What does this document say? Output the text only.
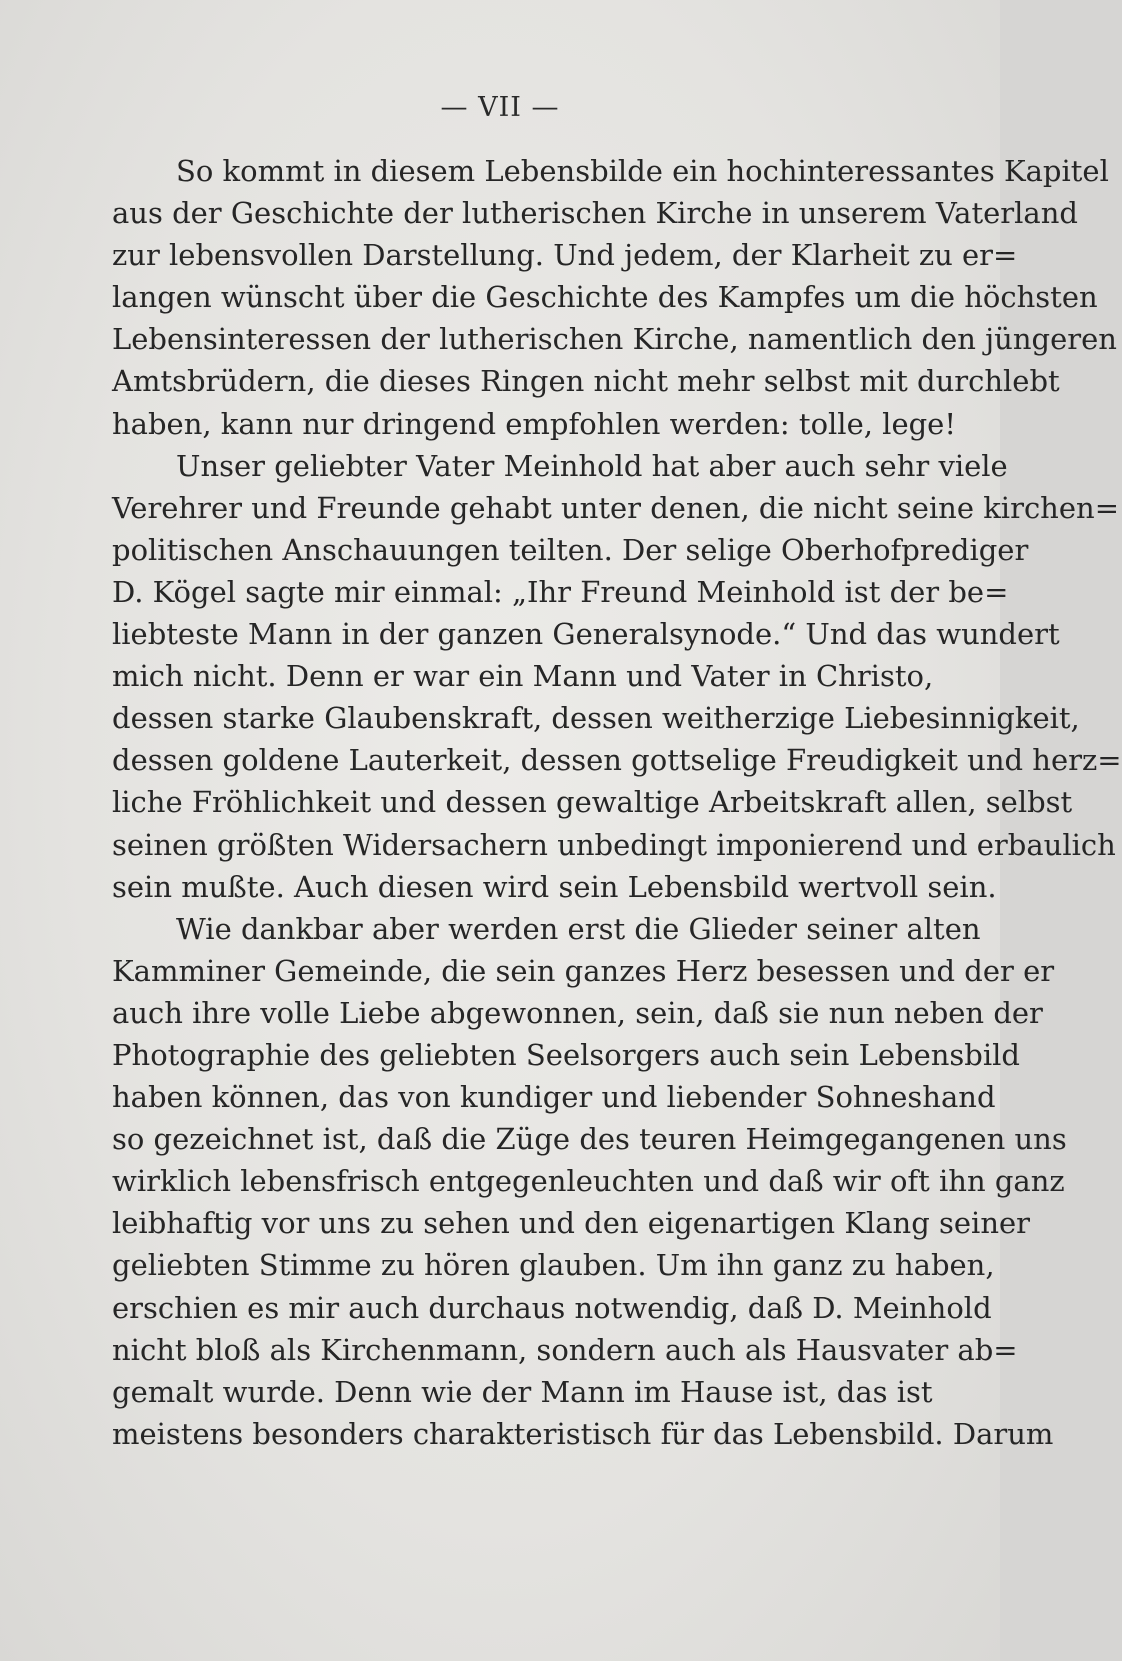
— VII —
So kommt in diesem Lebensbilde ein hochinteressantes Kapitel
aus der Geschichte der lutherischen Kirche in unserem Vaterland
zur lebensvollen Darstellung. Und jedem, der Klarheit zu er=
langen wünscht über die Geschichte des Kampfes um die höchsten
Lebensinteressen der lutherischen Kirche, namentlich den jüngeren
Amtsbrüdern, die dieses Ringen nicht mehr selbst mit durchlebt
haben, kann nur dringend empfohlen werden: tolle, lege!
Unser geliebter Vater Meinhold hat aber auch sehr viele
Verehrer und Freunde gehabt unter denen, die nicht seine kirchen=
politischen Anschauungen teilten. Der selige Oberhofprediger
D. Kögel sagte mir einmal: „Ihr Freund Meinhold ist der be=
liebteste Mann in der ganzen Generalsynode.“ Und das wundert
mich nicht. Denn er war ein Mann und Vater in Christo,
dessen starke Glaubenskraft, dessen weitherzige Liebesinnigkeit,
dessen goldene Lauterkeit, dessen gottselige Freudigkeit und herz=
liche Fröhlichkeit und dessen gewaltige Arbeitskraft allen, selbst
seinen größten Widersachern unbedingt imponierend und erbaulich
sein mußte. Auch diesen wird sein Lebensbild wertvoll sein.
Wie dankbar aber werden erst die Glieder seiner alten
Kamminer Gemeinde, die sein ganzes Herz besessen und der er
auch ihre volle Liebe abgewonnen, sein, daß sie nun neben der
Photographie des geliebten Seelsorgers auch sein Lebensbild
haben können, das von kundiger und liebender Sohneshand
so gezeichnet ist, daß die Züge des teuren Heimgegangenen uns
wirklich lebensfrisch entgegenleuchten und daß wir oft ihn ganz
leibhaftig vor uns zu sehen und den eigenartigen Klang seiner
geliebten Stimme zu hören glauben. Um ihn ganz zu haben,
erschien es mir auch durchaus notwendig, daß D. Meinhold
nicht bloß als Kirchenmann, sondern auch als Hausvater ab=
gemalt wurde. Denn wie der Mann im Hause ist, das ist
meistens besonders charakteristisch für das Lebensbild. Darum
